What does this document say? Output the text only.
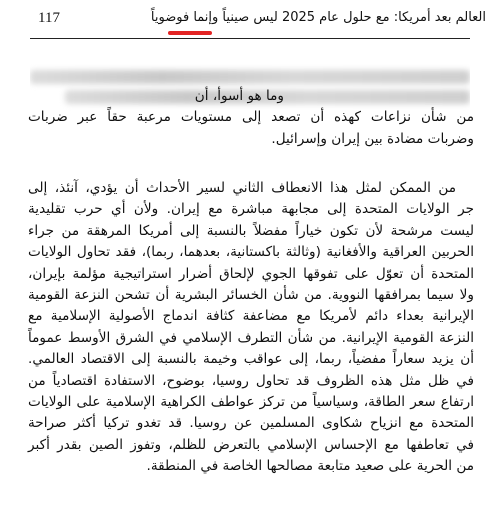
117	العالم بعد أمريكا: مع حلول عام 2025 ليس صينياً وإنما فوضوياً
وما هو أسوأ، أن
من شأن نزاعات كهذه أن تصعد إلى مستويات مرعبة حقاً عبر ضربات
وضربات مضادة بين إيران وإسرائيل.
من الممكن لمثل هذا الانعطاف الثاني لسير الأحداث أن يؤدي، آنئذ، إلى
جر الولايات المتحدة إلى مجابهة مباشرة مع إيران. ولأن أي حرب تقليدية
ليست مرشحة لأن تكون خياراً مفضلاً بالنسبة إلى أمريكا المرهقة من جراء
الحربين العراقية والأفغانية (وثالثة باكستانية، بعدهما، ربما)، فقد تحاول الولايات
المتحدة أن تعوّل على تفوقها الجوي لإلحاق أضرار استراتيجية مؤلمة بإيران،
ولا سيما بمرافقها النووية. من شأن الخسائر البشرية أن تشحن النزعة القومية
الإيرانية بعداء دائم لأمريكا مع مضاعفة كثافة اندماج الأصولية الإسلامية مع
النزعة القومية الإيرانية. من شأن التطرف الإسلامي في الشرق الأوسط عموماً
أن يزيد سعاراً مفضياً، ربما، إلى عواقب وخيمة بالنسبة إلى الاقتصاد العالمي.
في ظل مثل هذه الظروف قد تحاول روسيا، بوضوح، الاستفادة اقتصادياً من
ارتفاع سعر الطاقة، وسياسياً من تركز عواطف الكراهية الإسلامية على الولايات
المتحدة مع انزياح شكاوى المسلمين عن روسيا. قد تغدو تركيا أكثر صراحة
في تعاطفها مع الإحساس الإسلامي بالتعرض للظلم، وتفوز الصين بقدر أكبر
من الحرية على صعيد متابعة مصالحها الخاصة في المنطقة.
